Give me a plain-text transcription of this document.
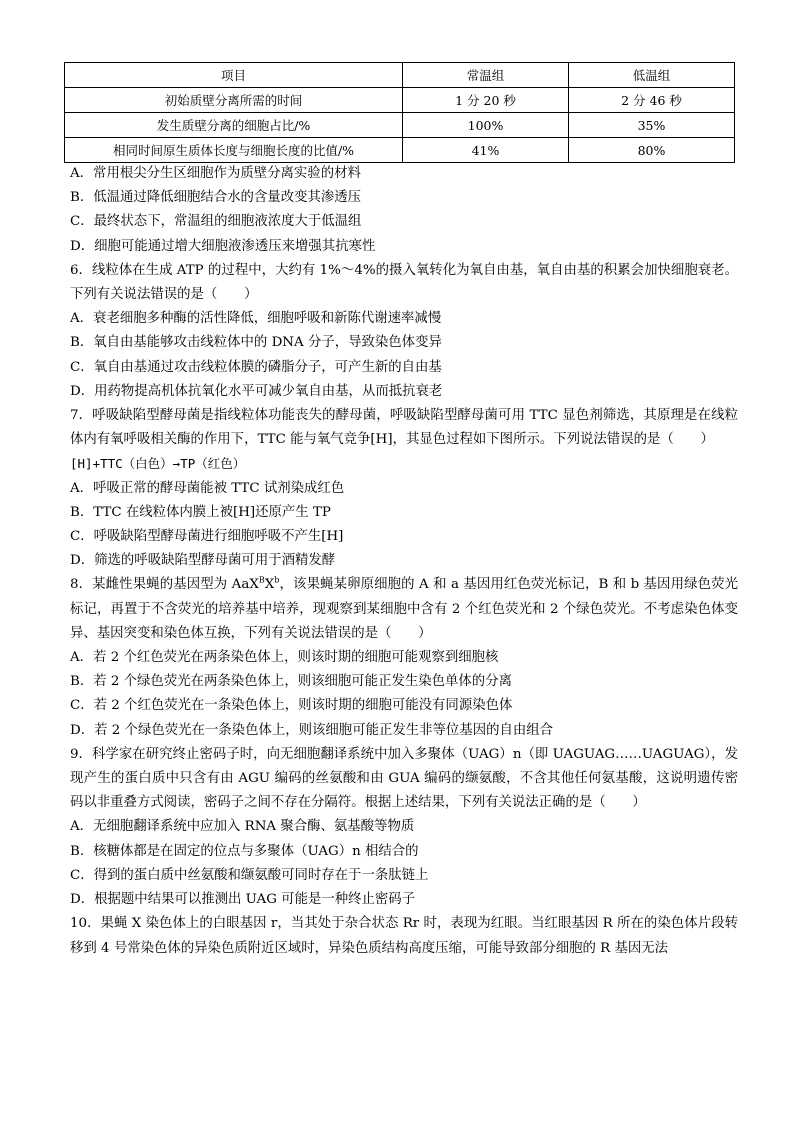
项目	常温组	低温组
初始质壁分离所需的时间	1 分 20 秒	2 分 46 秒
发生质壁分离的细胞占比/%	100%	35%
相同时间原生质体长度与细胞长度的比值/%	41%	80%
A．常用根尖分生区细胞作为质壁分离实验的材料
B．低温通过降低细胞结合水的含量改变其渗透压
C．最终状态下，常温组的细胞液浓度大于低温组
D．细胞可能通过增大细胞液渗透压来增强其抗寒性
6．线粒体在生成 ATP 的过程中，大约有 1%～4%的摄入氧转化为氧自由基，氧自由基的积累会加快细胞衰老。下列有关说法错误的是（　　）
A．衰老细胞多种酶的活性降低，细胞呼吸和新陈代谢速率减慢
B．氧自由基能够攻击线粒体中的 DNA 分子，导致染色体变异
C．氧自由基通过攻击线粒体膜的磷脂分子，可产生新的自由基
D．用药物提高机体抗氧化水平可减少氧自由基，从而抵抗衰老
7．呼吸缺陷型酵母菌是指线粒体功能丧失的酵母菌，呼吸缺陷型酵母菌可用 TTC 显色剂筛选，其原理是在线粒体内有氧呼吸相关酶的作用下，TTC 能与氧气竞争[H]，其显色过程如下图所示。下列说法错误的是（　　）
[H]+TTC（白色）→TP（红色）
A．呼吸正常的酵母菌能被 TTC 试剂染成红色
B．TTC 在线粒体内膜上被[H]还原产生 TP
C．呼吸缺陷型酵母菌进行细胞呼吸不产生[H]
D．筛选的呼吸缺陷型酵母菌可用于酒精发酵
8．某雌性果蝇的基因型为 $AaX^BX^b$，该果蝇某卵原细胞的 A 和 a 基因用红色荧光标记，B 和 b 基因用绿色荧光标记，再置于不含荧光的培养基中培养，现观察到某细胞中含有 2 个红色荧光和 2 个绿色荧光。不考虑染色体变异、基因突变和染色体互换，下列有关说法错误的是（　　）
A．若 2 个红色荧光在两条染色体上，则该时期的细胞可能观察到细胞核
B．若 2 个绿色荧光在两条染色体上，则该细胞可能正发生染色单体的分离
C．若 2 个红色荧光在一条染色体上，则该时期的细胞可能没有同源染色体
D．若 2 个绿色荧光在一条染色体上，则该细胞可能正发生非等位基因的自由组合
9．科学家在研究终止密码子时，向无细胞翻译系统中加入多聚体（UAG）n（即 UAGUAG……UAGUAG），发现产生的蛋白质中只含有由 AGU 编码的丝氨酸和由 GUA 编码的缬氨酸，不含其他任何氨基酸，这说明遗传密码以非重叠方式阅读，密码子之间不存在分隔符。根据上述结果，下列有关说法正确的是（　　）
A．无细胞翻译系统中应加入 RNA 聚合酶、氨基酸等物质
B．核糖体都是在固定的位点与多聚体（UAG）n 相结合的
C．得到的蛋白质中丝氨酸和缬氨酸可同时存在于一条肽链上
D．根据题中结果可以推测出 UAG 可能是一种终止密码子
10．果蝇 X 染色体上的白眼基因 r，当其处于杂合状态 Rr 时，表现为红眼。当红眼基因 R 所在的染色体片段转移到 4 号常染色体的异染色质附近区域时，异染色质结构高度压缩，可能导致部分细胞的 R 基因无法
